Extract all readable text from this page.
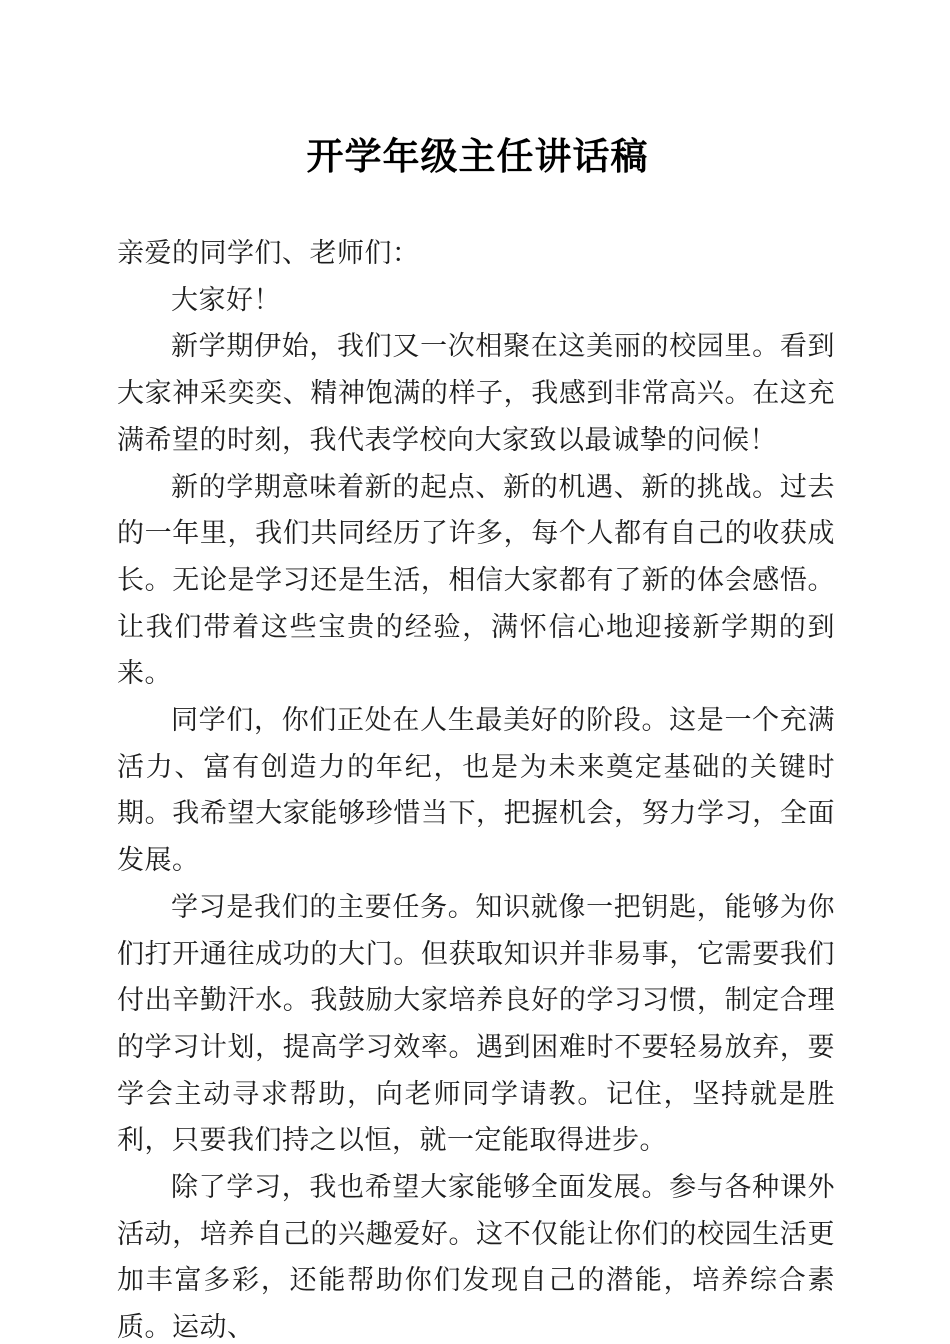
开学年级主任讲话稿

亲爱的同学们、老师们：

大家好！

新学期伊始，我们又一次相聚在这美丽的校园里。看到大家神采奕奕、精神饱满的样子，我感到非常高兴。在这充满希望的时刻，我代表学校向大家致以最诚挚的问候！

新的学期意味着新的起点、新的机遇、新的挑战。过去的一年里，我们共同经历了许多，每个人都有自己的收获成长。无论是学习还是生活，相信大家都有了新的体会感悟。让我们带着这些宝贵的经验，满怀信心地迎接新学期的到来。

同学们，你们正处在人生最美好的阶段。这是一个充满活力、富有创造力的年纪，也是为未来奠定基础的关键时期。我希望大家能够珍惜当下，把握机会，努力学习，全面发展。

学习是我们的主要任务。知识就像一把钥匙，能够为你们打开通往成功的大门。但获取知识并非易事，它需要我们付出辛勤汗水。我鼓励大家培养良好的学习习惯，制定合理的学习计划，提高学习效率。遇到困难时不要轻易放弃，要学会主动寻求帮助，向老师同学请教。记住，坚持就是胜利，只要我们持之以恒，就一定能取得进步。

除了学习，我也希望大家能够全面发展。参与各种课外活动，培养自己的兴趣爱好。这不仅能让你们的校园生活更加丰富多彩，还能帮助你们发现自己的潜能，培养综合素质。运动、
